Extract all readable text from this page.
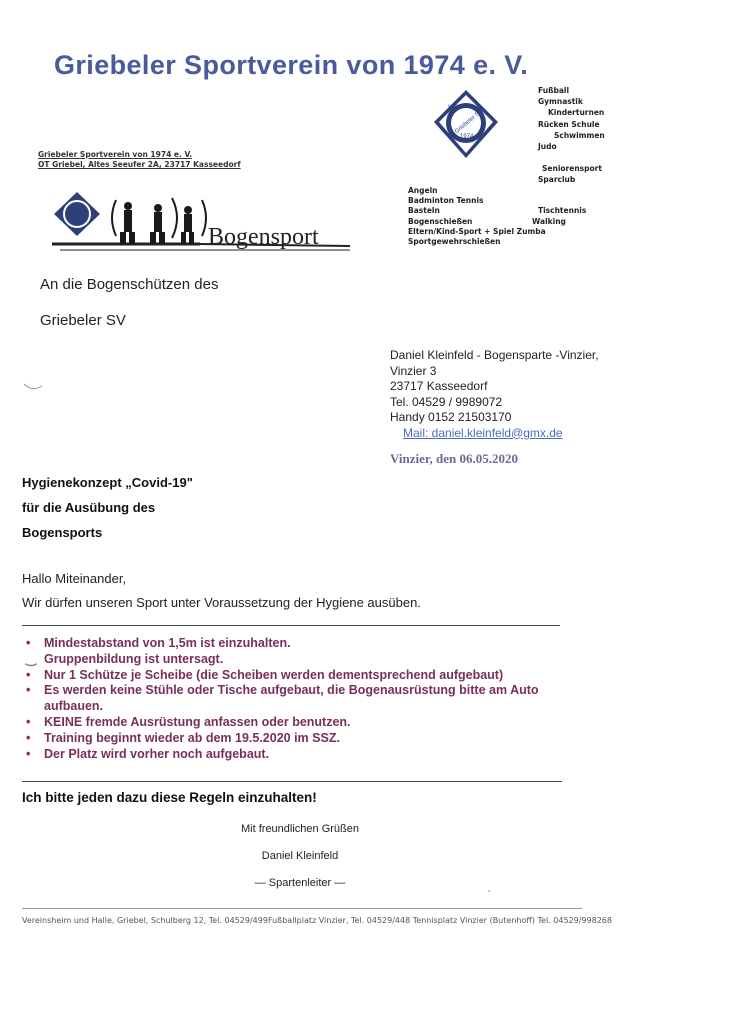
Griebeler Sportverein von 1974 e. V.
von
Griebeler SV
1974
Fußball
Gymnastik
Kinderturnen
Rücken Schule
Schwimmen
Judo
Seniorensport
Sparclub
Angeln
Badminton Tennis
Basteln	Tischtennis
Bogenschießen	Walking
Eltern/Kind-Sport + Spiel Zumba
Sportgewehrschießen
Griebeler Sportverein von 1974 e. V.
OT Griebel, Altes Seeufer 2A, 23717 Kasseedorf
Bogensport
An die Bogenschützen des
Griebeler SV
Daniel Kleinfeld - Bogensparte -Vinzier,
Vinzier 3
23717 Kasseedorf
Tel. 04529 / 9989072
Handy 0152 21503170
Mail: daniel.kleinfeld@gmx.de
Vinzier, den 06.05.2020
Hygienekonzept „Covid-19"
für die Ausübung des
Bogensports
Hallo Miteinander,
Wir dürfen unseren Sport unter Voraussetzung der Hygiene ausüben.
• Mindestabstand von 1,5m ist einzuhalten.
‿ Gruppenbildung ist untersagt.
• Nur 1 Schütze je Scheibe (die Scheiben werden dementsprechend aufgebaut)
• Es werden keine Stühle oder Tische aufgebaut, die Bogenausrüstung bitte am Auto aufbauen.
• KEINE fremde Ausrüstung anfassen oder benutzen.
• Training beginnt wieder ab dem 19.5.2020 im SSZ.
• Der Platz wird vorher noch aufgebaut.
Ich bitte jeden dazu diese Regeln einzuhalten!
Mit freundlichen Grüßen
Daniel Kleinfeld
— Spartenleiter —
Vereinsheim und Halle, Griebel, Schulberg 12, Tel. 04529/499Fußballplatz Vinzier, Tel. 04529/448 Tennisplatz Vinzier (Butenhoff) Tel. 04529/998268
